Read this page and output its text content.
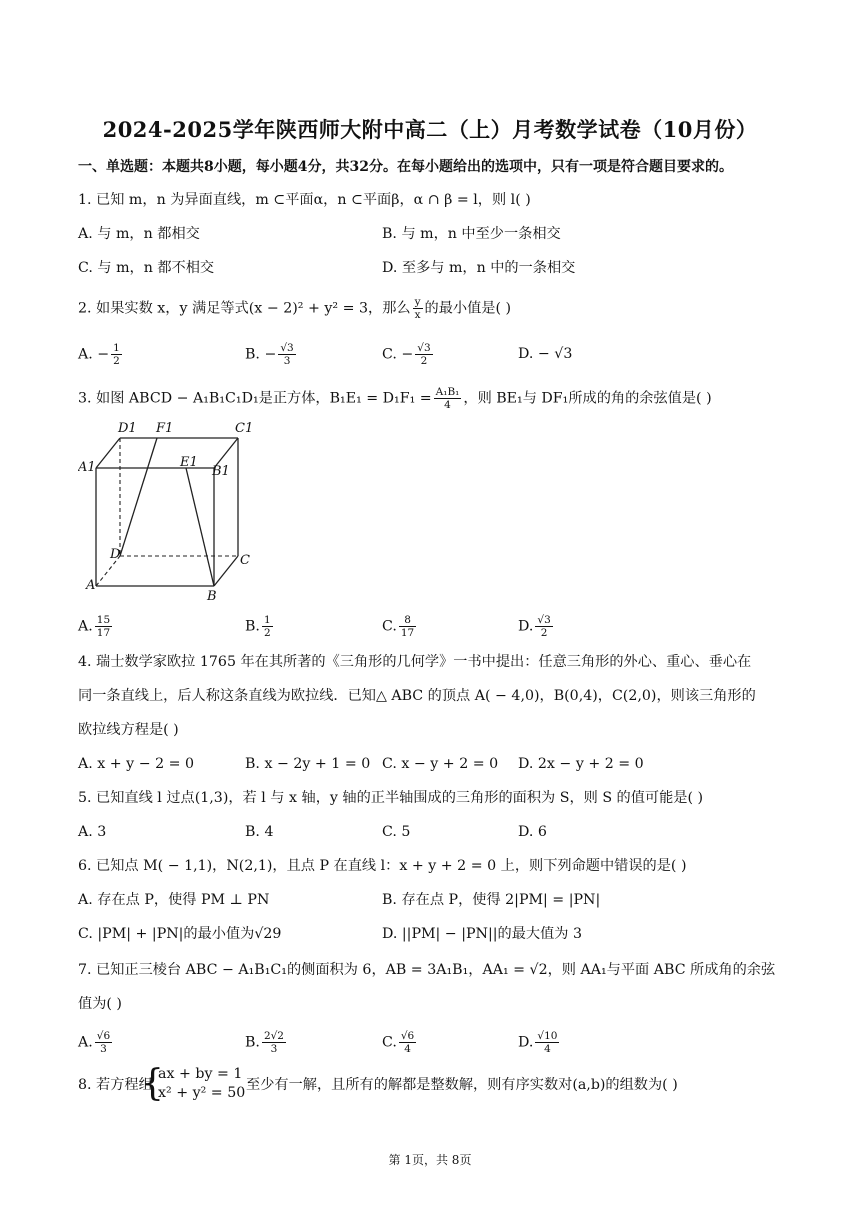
2024-2025学年陕西师大附中高二（上）月考数学试卷（10月份）
一、单选题：本题共8小题，每小题4分，共32分。在每小题给出的选项中，只有一项是符合题目要求的。
1. 已知 m，n 为异面直线，m ⊂平面α，n ⊂平面β，α ∩ β = l，则 l( )
A. 与 m，n 都相交	B. 与 m，n 中至少一条相交
C. 与 m，n 都不相交	D. 至多与 m，n 中的一条相交
2. 如果实数 x，y 满足等式(x − 2)² + y² = 3，那么 $\frac{y}{x}$ 的最小值是( )
A. − $\frac{1}{2}$	B. − $\frac{√3}{3}$	C. − $\frac{√3}{2}$	D. − √3
3. 如图 ABCD − A₁B₁C₁D₁是正方体，$B_1E_1 = D_1F_1 = \frac{\text{A₁B₁}}{4}$ ，则 BE₁与 DF₁所成的角的余弦值是( )
D1 F1	C1
A1	E1
B1
D	C
A
B
A. $\frac{15}{17}$	B. $\frac{1}{2}$	C. $\frac{8}{17}$	D. $\frac{√3}{2}$
4. 瑞士数学家欧拉 1765 年在其所著的《三角形的几何学》一书中提出：任意三角形的外心、重心、垂心在
同一条直线上，后人称这条直线为欧拉线．已知△ ABC 的顶点 A( − 4,0)，B(0,4)，C(2,0)，则该三角形的
欧拉线方程是( )
A. x + y − 2 = 0	B. x − 2y + 1 = 0 C. x − y + 2 = 0 D. 2x − y + 2 = 0
5. 已知直线 l 过点(1,3)，若 l 与 x 轴，y 轴的正半轴围成的三角形的面积为 S，则 S 的值可能是( )
A. 3	B. 4	C. 5	D. 6
6. 已知点 M( − 1,1)，N(2,1)，且点 P 在直线 l：x + y + 2 = 0 上，则下列命题中错误的是( )
A. 存在点 P，使得 PM ⊥ PN	B. 存在点 P，使得 2|PM| = |PN|
C. |PM| + |PN|的最小值为√29	D. ||PM| − |PN||的最大值为 3
7. 已知正三棱台 ABC − A₁B₁C₁的侧面积为 6，AB = 3A₁B₁，AA₁ = √2，则 AA₁与平面 ABC 所成角的余弦
值为( )
A. $\frac{√6}{3}$	B. $\frac{2√2}{3}$	C. $\frac{√6}{4}$	D. $\frac{√10}{4}$
8. 若方程组
{
ax + by = 1
x² + y² = 50 至少有一解，且所有的解都是整数解，则有序实数对(a,b)的组数为( )
第 1页，共 8页
